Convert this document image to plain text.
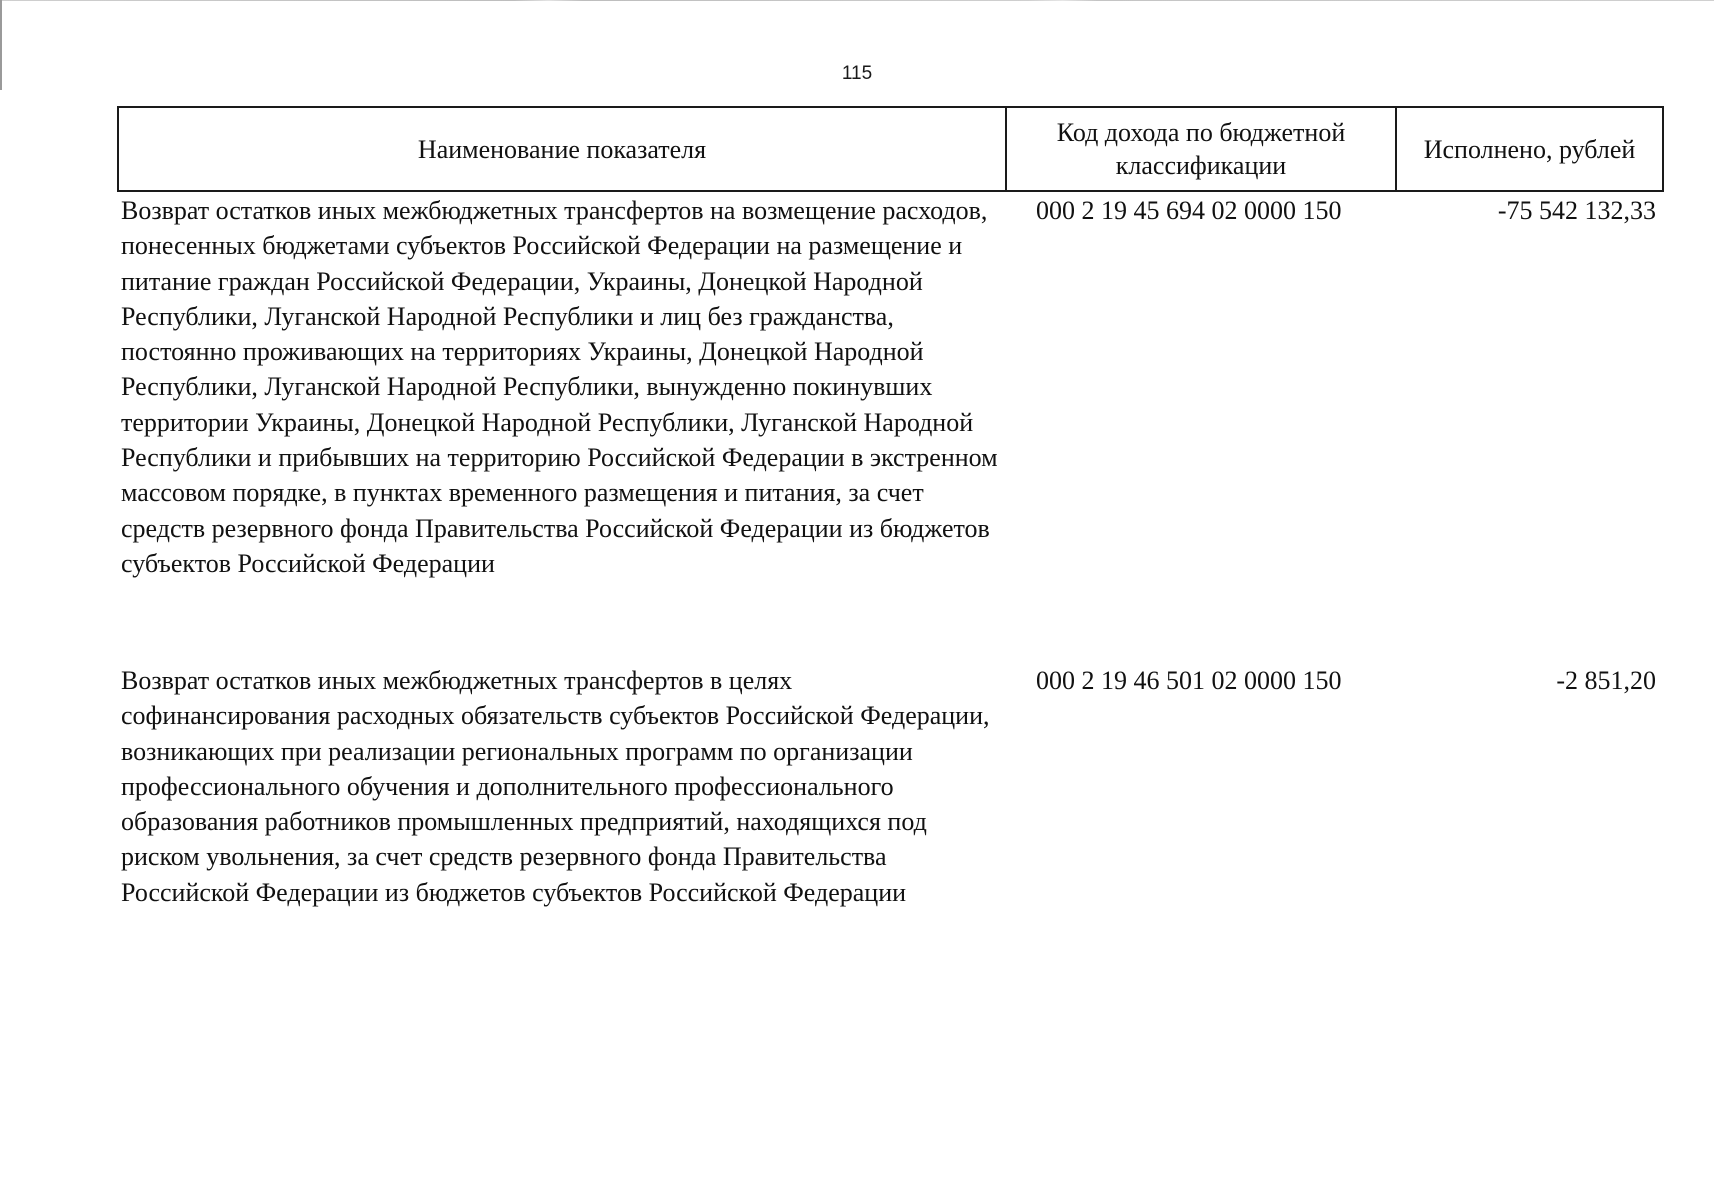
115
Наименование показателя	Код дохода по бюджетной классификации	Исполнено, рублей
Возврат остатков иных межбюджетных трансфертов на возмещение расходов, понесенных бюджетами субъектов Российской Федерации на размещение и питание граждан Российской Федерации, Украины, Донецкой Народной Республики, Луганской Народной Республики и лиц без гражданства, постоянно проживающих на территориях Украины, Донецкой Народной Республики, Луганской Народной Республики, вынужденно покинувших территории Украины, Донецкой Народной Республики, Луганской Народной Республики и прибывших на территорию Российской Федерации в экстренном массовом порядке, в пунктах временного размещения и питания, за счет средств резервного фонда Правительства Российской Федерации из бюджетов субъектов Российской Федерации	000 2 19 45 694 02 0000 150	-75 542 132,33
Возврат остатков иных межбюджетных трансфертов в целях софинансирования расходных обязательств субъектов Российской Федерации, возникающих при реализации региональных программ по организации профессионального обучения и дополнительного профессионального образования работников промышленных предприятий, находящихся под риском увольнения, за счет средств резервного фонда Правительства Российской Федерации из бюджетов субъектов Российской Федерации	000 2 19 46 501 02 0000 150	-2 851,20
